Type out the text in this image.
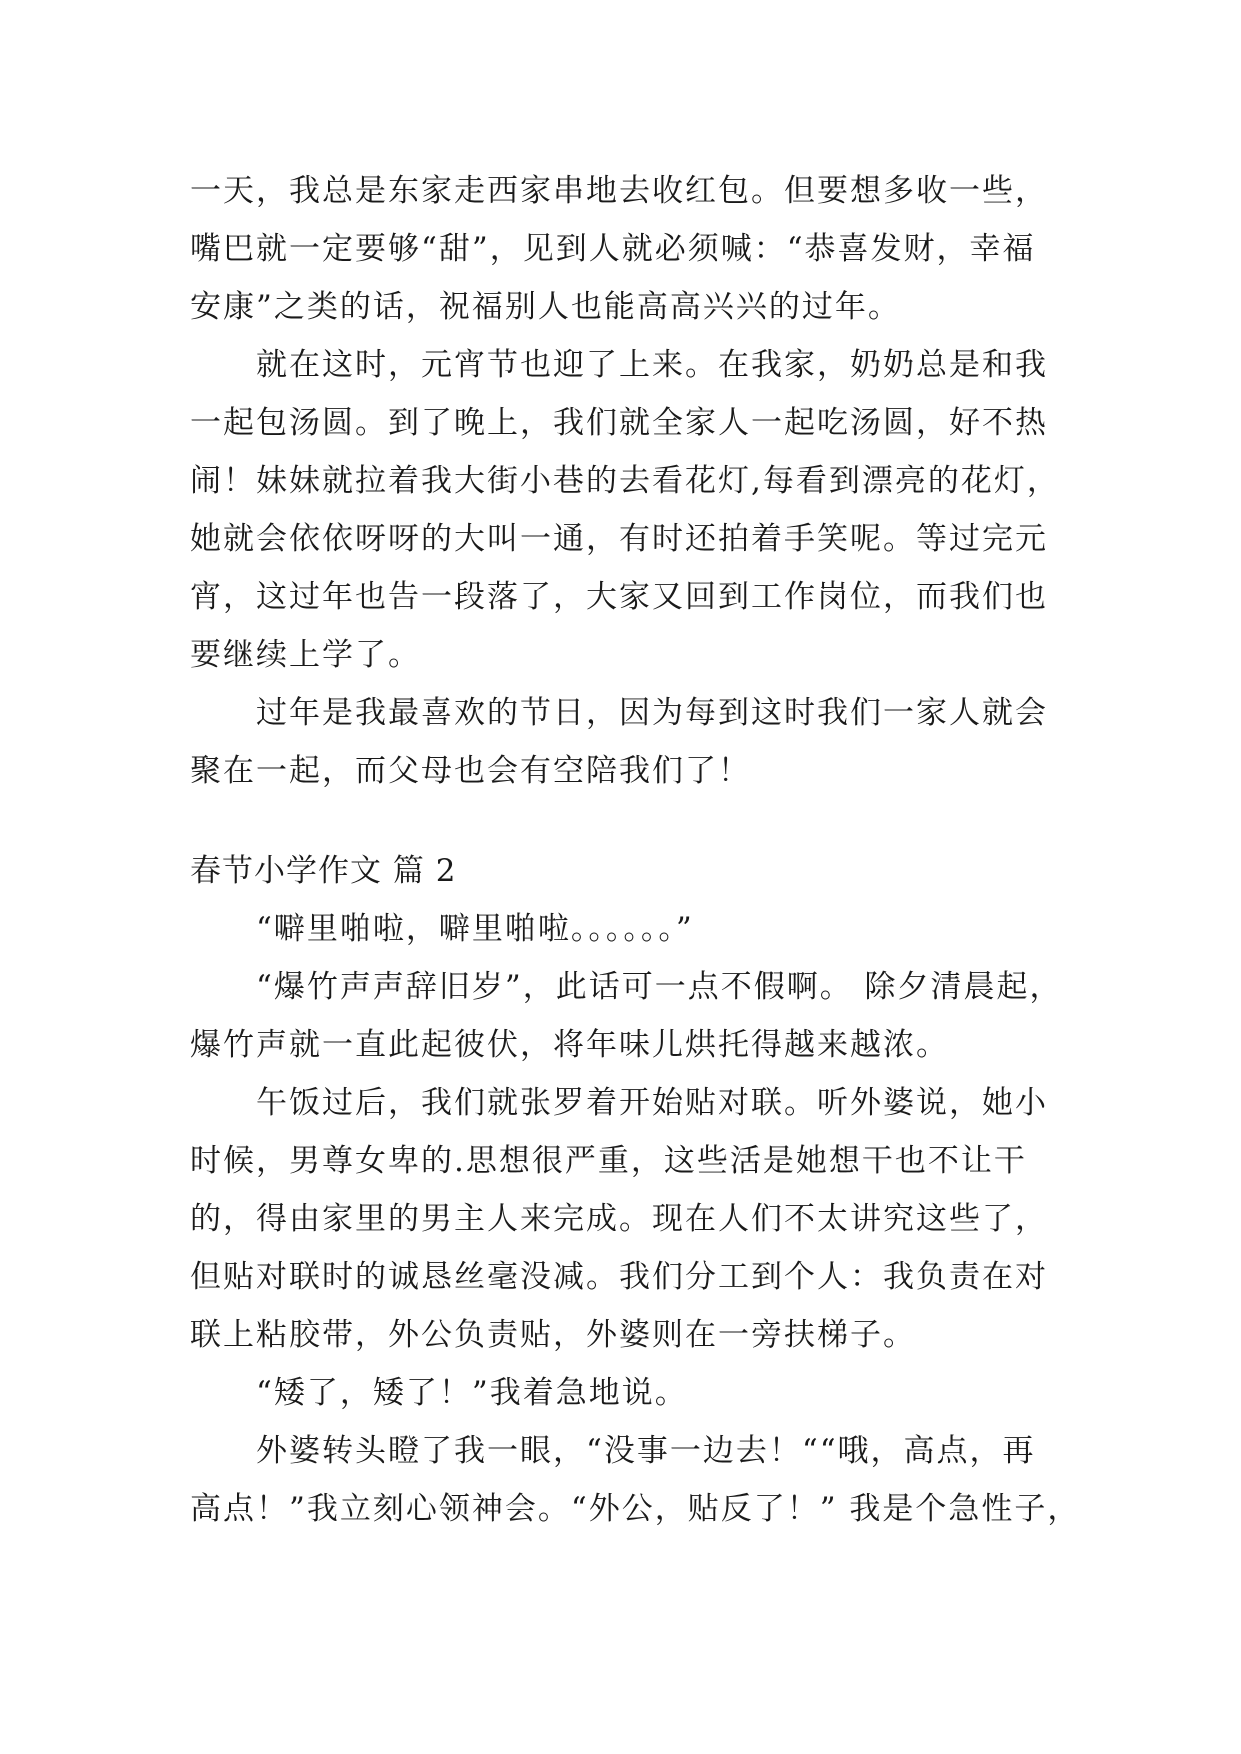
一天，我总是东家走西家串地去收红包。但要想多收一些，
嘴巴就一定要够“甜”，见到人就必须喊：“恭喜发财，幸福
安康”之类的话，祝福别人也能高高兴兴的过年。
就在这时，元宵节也迎了上来。在我家，奶奶总是和我
一起包汤圆。到了晚上，我们就全家人一起吃汤圆，好不热
闹！妹妹就拉着我大街小巷的去看花灯,每看到漂亮的花灯，
她就会依依呀呀的大叫一通，有时还拍着手笑呢。等过完元
宵，这过年也告一段落了，大家又回到工作岗位，而我们也
要继续上学了。
过年是我最喜欢的节日，因为每到这时我们一家人就会
聚在一起，而父母也会有空陪我们了！
春节小学作文 篇 2
“噼里啪啦，噼里啪啦。。。。。。”
“爆竹声声辞旧岁”，此话可一点不假啊。 除夕清晨起，
爆竹声就一直此起彼伏，将年味儿烘托得越来越浓。
午饭过后，我们就张罗着开始贴对联。听外婆说，她小
时候，男尊女卑的.思想很严重，这些活是她想干也不让干
的，得由家里的男主人来完成。现在人们不太讲究这些了，
但贴对联时的诚恳丝毫没减。我们分工到个人：我负责在对
联上粘胶带，外公负责贴，外婆则在一旁扶梯子。
“矮了，矮了！”我着急地说。
外婆转头瞪了我一眼，“没事一边去！““哦，高点，再
高点！”我立刻心领神会。“外公，贴反了！” 我是个急性子，
